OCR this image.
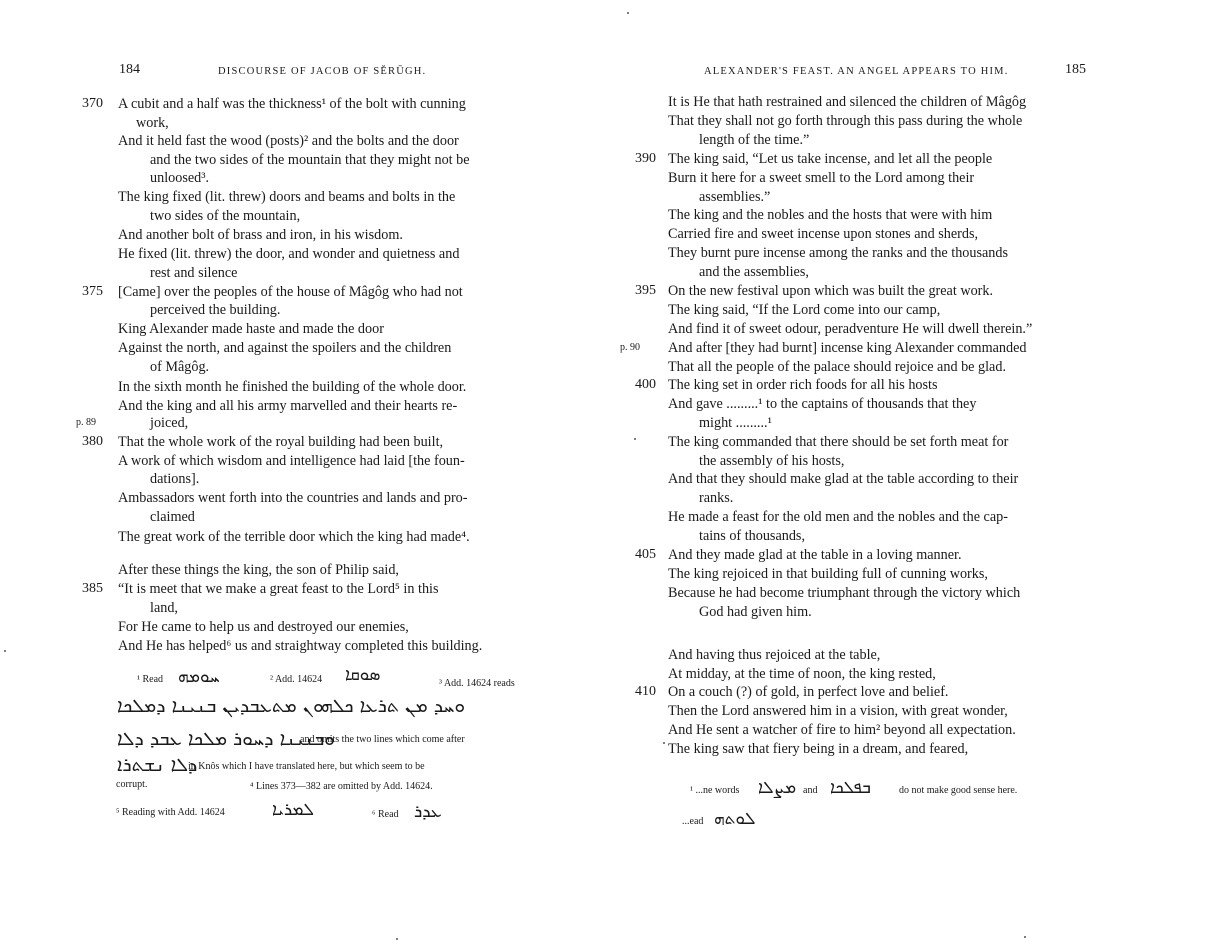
184	DISCOURSE OF JACOB OF SĔRŪGH.
A cubit and a half was the thickness¹ of the bolt with cunning
370
work,
And it held fast the wood (posts)² and the bolts and the door
and the two sides of the mountain that they might not be
unloosed³.
The king fixed (lit. threw) doors and beams and bolts in the
two sides of the mountain,
And another bolt of brass and iron, in his wisdom.
He fixed (lit. threw) the door, and wonder and quietness and
rest and silence
[Came] over the peoples of the house of Mâgôg who had not
375
perceived the building.
King Alexander made haste and made the door
Against the north, and against the spoilers and the children
of Mâgôg.
In the sixth month he finished the building of the whole door.
And the king and all his army marvelled and their hearts re-
joiced,
p. 89
That the whole work of the royal building had been built,
380
A work of which wisdom and intelligence had laid [the foun-
dations].
Ambassadors went forth into the countries and lands and pro-
claimed
The great work of the terrible door which the king had made⁴.
After these things the king, the son of Philip said,
“It is meet that we make a great feast to the Lord⁵ in this
385
land,
For He came to help us and destroyed our enemies,
And He has helped⁶ us and straightway completed this building.
¹ Read ܚܘܡܗ	² Add. 14624 ܣܘܩܐ	³ Add. 14624 reads
ܘܚܕ ܡܢ ܬܪܥܐ ܟܠܗܘܢ ܡܬܥܒܕܝܢ ܒܢܝܢܐ ܕܡܠܟܐ
ܘܒܢܝܢܐ ܕܚܘܪ ܡܠܟܐ ܥܒܕ ܕܠܐ
and omits the two lines which come after
ܕܠܐ ܢܫܬܪܐ
in Knôs which I have translated here, but which seem to be
corrupt.	⁴ Lines 373—382 are omitted by Add. 14624.
⁵ Reading with Add. 14624	ܠܡܪܝܐ	⁶ Read ܥܕܪ
ALEXANDER'S FEAST. AN ANGEL APPEARS TO HIM.	185
It is He that hath restrained and silenced the children of Mâgôg
That they shall not go forth through this pass during the whole
length of the time.”
The king said, “Let us take incense, and let all the people
390
Burn it here for a sweet smell to the Lord among their
assemblies.”
The king and the nobles and the hosts that were with him
Carried fire and sweet incense upon stones and sherds,
They burnt pure incense among the ranks and the thousands
and the assemblies,
On the new festival upon which was built the great work.
395
The king said, “If the Lord come into our camp,
And find it of sweet odour, peradventure He will dwell therein.”
And after [they had burnt] incense king Alexander commanded
p. 90
That all the people of the palace should rejoice and be glad.
The king set in order rich foods for all his hosts
400
And gave .........¹ to the captains of thousands that they
might .........¹
The king commanded that there should be set forth meat for
the assembly of his hosts,
And that they should make glad at the table according to their
ranks.
He made a feast for the old men and the nobles and the cap-
tains of thousands,
And they made glad at the table in a loving manner.
405
The king rejoiced in that building full of cunning works,
Because he had become triumphant through the victory which
God had given him.
And having thus rejoiced at the table,
At midday, at the time of noon, the king rested,
On a couch (?) of gold, in perfect love and belief.
410
Then the Lord answered him in a vision, with great wonder,
And He sent a watcher of fire to him² beyond all expectation.
The king saw that fiery being in a dream, and feared,
¹ ...ne words ܡܨܠܐ and ܒܦܠܟܐ	do not make good sense here.
...ead ܠܘܬܗ
